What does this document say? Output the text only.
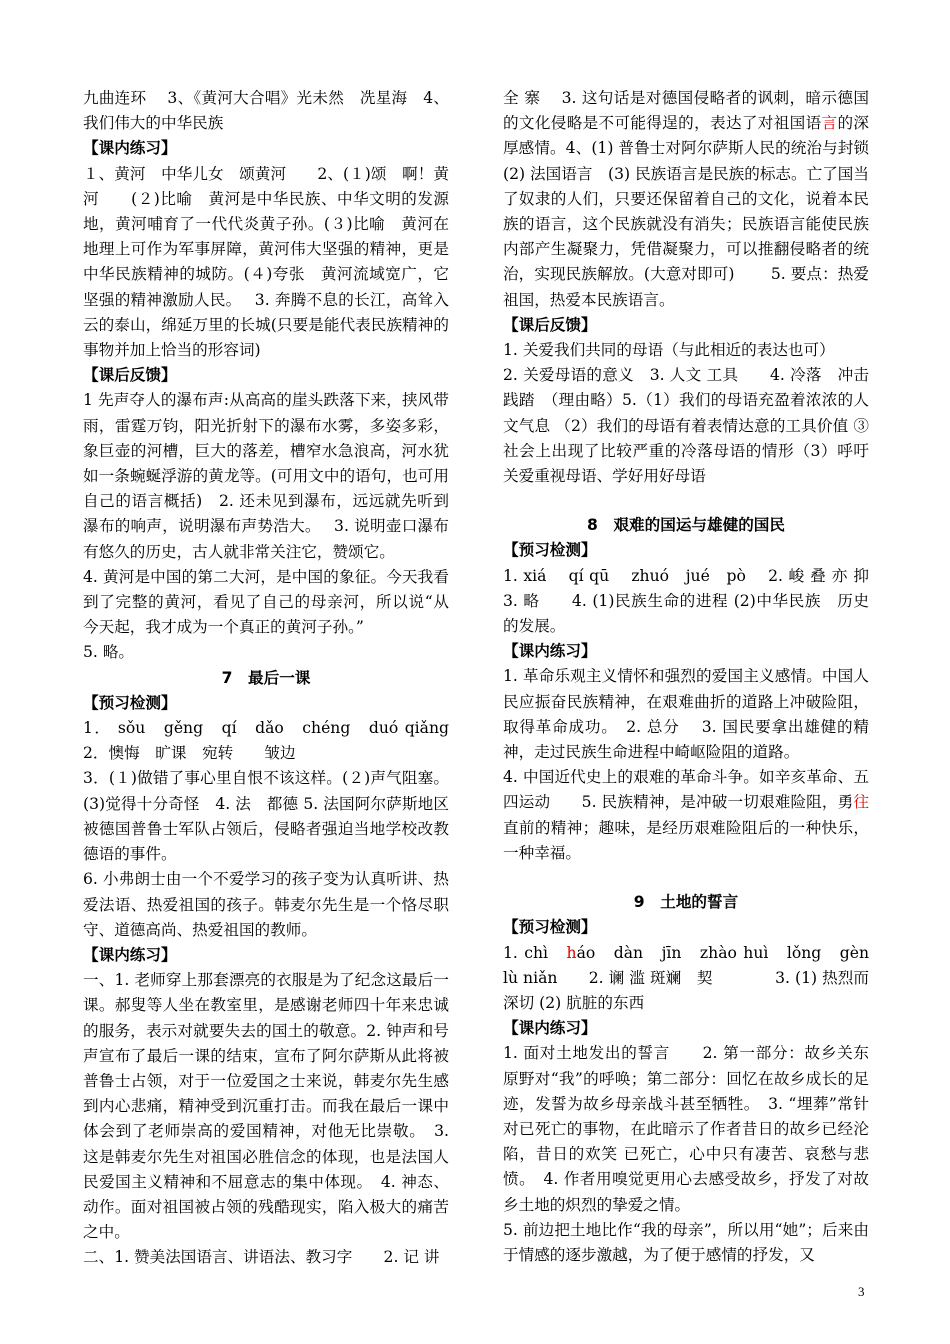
九曲连环　 3、《黄河大合唱》光未然　冼星海　4、我们伟大的中华民族

【课内练习】

１、黄河　中华儿女　颂黄河　　2、(１)颂　啊！黄河　　(２)比喻　黄河是中华民族、中华文明的发源地，黄河哺育了一代代炎黄子孙。(３)比喻　黄河在地理上可作为军事屏障，黄河伟大坚强的精神，更是中华民族精神的城防。(４)夸张　黄河流域宽广，它坚强的精神激励人民。　 3. 奔腾不息的长江，高耸入云的泰山，绵延万里的长城(只要是能代表民族精神的事物并加上恰当的形容词)

【课后反馈】

1 先声夺人的瀑布声:从高高的崖头跌落下来，挟风带雨，雷霆万钧，阳光折射下的瀑布水雾，多姿多彩，象巨壶的河槽，巨大的落差，槽窄水急浪高，河水犹如一条蜿蜒浮游的黄龙等。(可用文中的语句，也可用自己的语言概括)　2. 还未见到瀑布，远远就先听到瀑布的响声，说明瀑布声势浩大。　 3. 说明壶口瀑布有悠久的历史，古人就非常关注它，赞颂它。

4. 黄河是中国的第二大河，是中国的象征。今天我看到了完整的黄河，看见了自己的母亲河，所以说“从今天起，我才成为一个真正的黄河子孙。”

5. 略。

7　最后一课

【预习检测】

1． sǒu　gěng　qí　dǎo　chéng　duó qiǎng　2．懊悔　旷课　宛转　　皱边

3．(１)做错了事心里自恨不该这样。(２)声气阻塞。(3)觉得十分奇怪　4. 法　都德 5. 法国阿尔萨斯地区被德国普鲁士军队占领后，侵略者强迫当地学校改教德语的事件。

6. 小弗朗士由一个不爱学习的孩子变为认真听讲、热爱法语、热爱祖国的孩子。韩麦尔先生是一个恪尽职守、道德高尚、热爱祖国的教师。

【课内练习】

一、1. 老师穿上那套漂亮的衣服是为了纪念这最后一课。郝叟等人坐在教室里，是感谢老师四十年来忠诚的服务，表示对就要失去的国土的敬意。2. 钟声和号声宣布了最后一课的结束，宣布了阿尔萨斯从此将被普鲁士占领，对于一位爱国之士来说，韩麦尔先生感到内心悲痛，精神受到沉重打击。而我在最后一课中体会到了老师崇高的爱国精神，对他无比崇敬。　3. 这是韩麦尔先生对祖国必胜信念的体现，也是法国人民爱国主义精神和不屈意志的集中体现。　4. 神态、动作。面对祖国被占领的残酷现实，陷入极大的痛苦之中。

二、1. 赞美法国语言、讲语法、教习字　　2. 记 讲

全 寨　 3. 这句话是对德国侵略者的讽刺，暗示德国的文化侵略是不可能得逞的，表达了对祖国语言的深厚感情。4、(1) 普鲁士对阿尔萨斯人民的统治与封锁 (2) 法国语言　(3) 民族语言是民族的标志。亡了国当了奴隶的人们，只要还保留着自己的文化，说着本民族的语言，这个民族就没有消失；民族语言能使民族内部产生凝聚力，凭借凝聚力，可以推翻侵略者的统治，实现民族解放。(大意对即可)　　 5. 要点：热爱祖国，热爱本民族语言。

【课后反馈】

1. 关爱我们共同的母语（与此相近的表达也可）

2. 关爱母语的意义　3. 人文 工具　　4. 冷落　冲击 践踏　（理由略）5.（1）我们的母语充盈着浓浓的人文气息 （2）我们的母语有着表情达意的工具价值 ③社会上出现了比较严重的冷落母语的情形（3）呼吁关爱重视母语、学好用好母语

8　艰难的国运与雄健的国民

【预习检测】

1. xiá　 qí qū　 zhuó　jué　pò　 2. 峻 叠 亦 抑　　3. 略　　4. (1)民族生命的进程 (2)中华民族　历史的发展。

【课内练习】

1. 革命乐观主义情怀和强烈的爱国主义感情。中国人民应振奋民族精神，在艰难曲折的道路上冲破险阻，取得革命成功。　2. 总分　 3. 国民要拿出雄健的精神，走过民族生命进程中崎岖险阻的道路。

4. 中国近代史上的艰难的革命斗争。如辛亥革命、五四运动　　5. 民族精神，是冲破一切艰难险阻，勇往直前的精神；趣味，是经历艰难险阻后的一种快乐，一种幸福。

9　土地的誓言

【预习检测】

1. chì　háo　dàn　jīn　zhào huì　lǒng　gèn　lù niǎn　　2. 谰 滥 斑斓　契　　　　3. (1) 热烈而深切 (2) 肮脏的东西

【课内练习】

1. 面对土地发出的誓言　　2. 第一部分：故乡关东原野对“我”的呼唤；第二部分：回忆在故乡成长的足迹，发誓为故乡母亲战斗甚至牺牲。　3. “埋葬”常针对已死亡的事物，在此暗示了作者昔日的故乡已经沦陷，昔日的欢笑 已死亡，心中只有凄苦、哀愁与悲愤。　4. 作者用嗅觉更用心去感受故乡，抒发了对故乡土地的炽烈的挚爱之情。

5. 前边把土地比作“我的母亲”，所以用“她”；后来由于情感的逐步激越，为了便于感情的抒发，又

3
